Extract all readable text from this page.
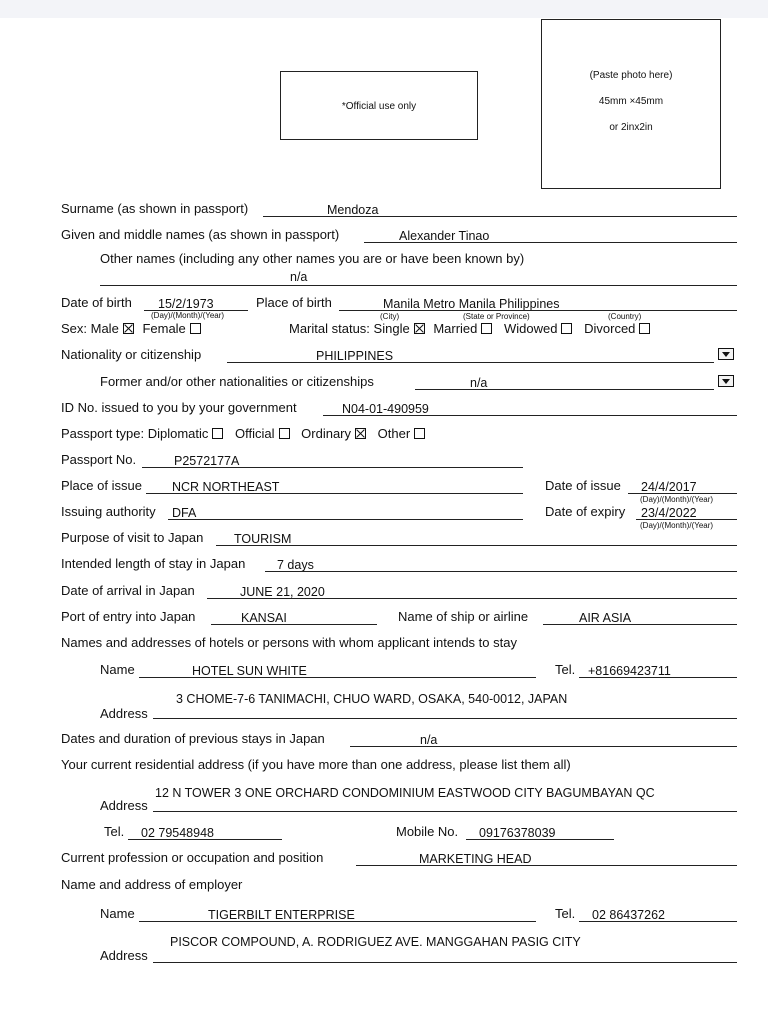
*Official use only
(Paste photo here)
45mm ×45mm
or 2inx2in
Surname (as shown in passport)	Mendoza
Given and middle names (as shown in passport)	Alexander Tinao
Other names (including any other names you are or have been known by)
n/a
Date of birth 15/2/1973
(Day)/(Month)/(Year)
Place of birth	Manila Metro Manila Philippines
(City)	(State or Province)	(Country)
Sex: Male Female	Marital status: Single Married Widowed Divorced
Nationality or citizenship	PHILIPPINES
Former and/or other nationalities or citizenships	n/a
ID No. issued to you by your government	N04-01-490959
Passport type: Diplomatic Official Ordinary Other
Passport No.	P2572177A
Place of issue NCR NORTHEAST	Date of issue 24/4/2017
(Day)/(Month)/(Year)
Issuing authority DFA	Date of expiry 23/4/2022
(Day)/(Month)/(Year)
Purpose of visit to Japan TOURISM
Intended length of stay in Japan	7 days
Date of arrival in Japan	JUNE 21, 2020
Port of entry into Japan	KANSAI	Name of ship or airline	AIR ASIA
Names and addresses of hotels or persons with whom applicant intends to stay
Name	HOTEL SUN WHITE	Tel. +81669423711
3 CHOME-7-6 TANIMACHI, CHUO WARD, OSAKA, 540-0012, JAPAN
Address
Dates and duration of previous stays in Japan	n/a
Your current residential address (if you have more than one address, please list them all)
12 N TOWER 3 ONE ORCHARD CONDOMINIUM EASTWOOD CITY BAGUMBAYAN QC
Address
Tel. 02 79548948	Mobile No. 09176378039
Current profession or occupation and position	MARKETING HEAD
Name and address of employer
Name	TIGERBILT ENTERPRISE	Tel. 02 86437262
PISCOR COMPOUND, A. RODRIGUEZ AVE. MANGGAHAN PASIG CITY
Address
